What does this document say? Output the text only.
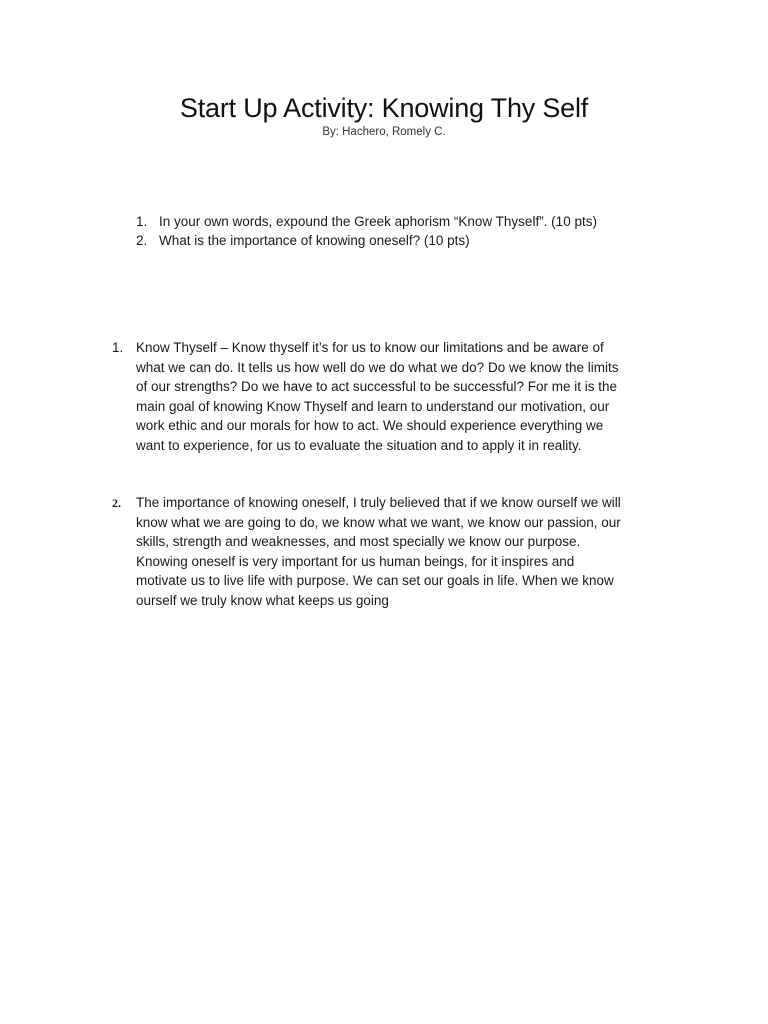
Start Up Activity: Knowing Thy Self
By: Hachero, Romely C.
1. In your own words, expound the Greek aphorism “Know Thyself”. (10 pts)
2. What is the importance of knowing oneself? (10 pts)
1. Know Thyself – Know thyself it’s for us to know our limitations and be aware of
what we can do. It tells us how well do we do what we do? Do we know the limits
of our strengths? Do we have to act successful to be successful? For me it is the
main goal of knowing Know Thyself and learn to understand our motivation, our
work ethic and our morals for how to act. We should experience everything we
want to experience, for us to evaluate the situation and to apply it in reality.
2.	The importance of knowing oneself, I truly believed that if we know ourself we will
know what we are going to do, we know what we want, we know our passion, our
skills, strength and weaknesses, and most specially we know our purpose.
Knowing oneself is very important for us human beings, for it inspires and
motivate us to live life with purpose. We can set our goals in life. When we know
ourself we truly know what keeps us going
